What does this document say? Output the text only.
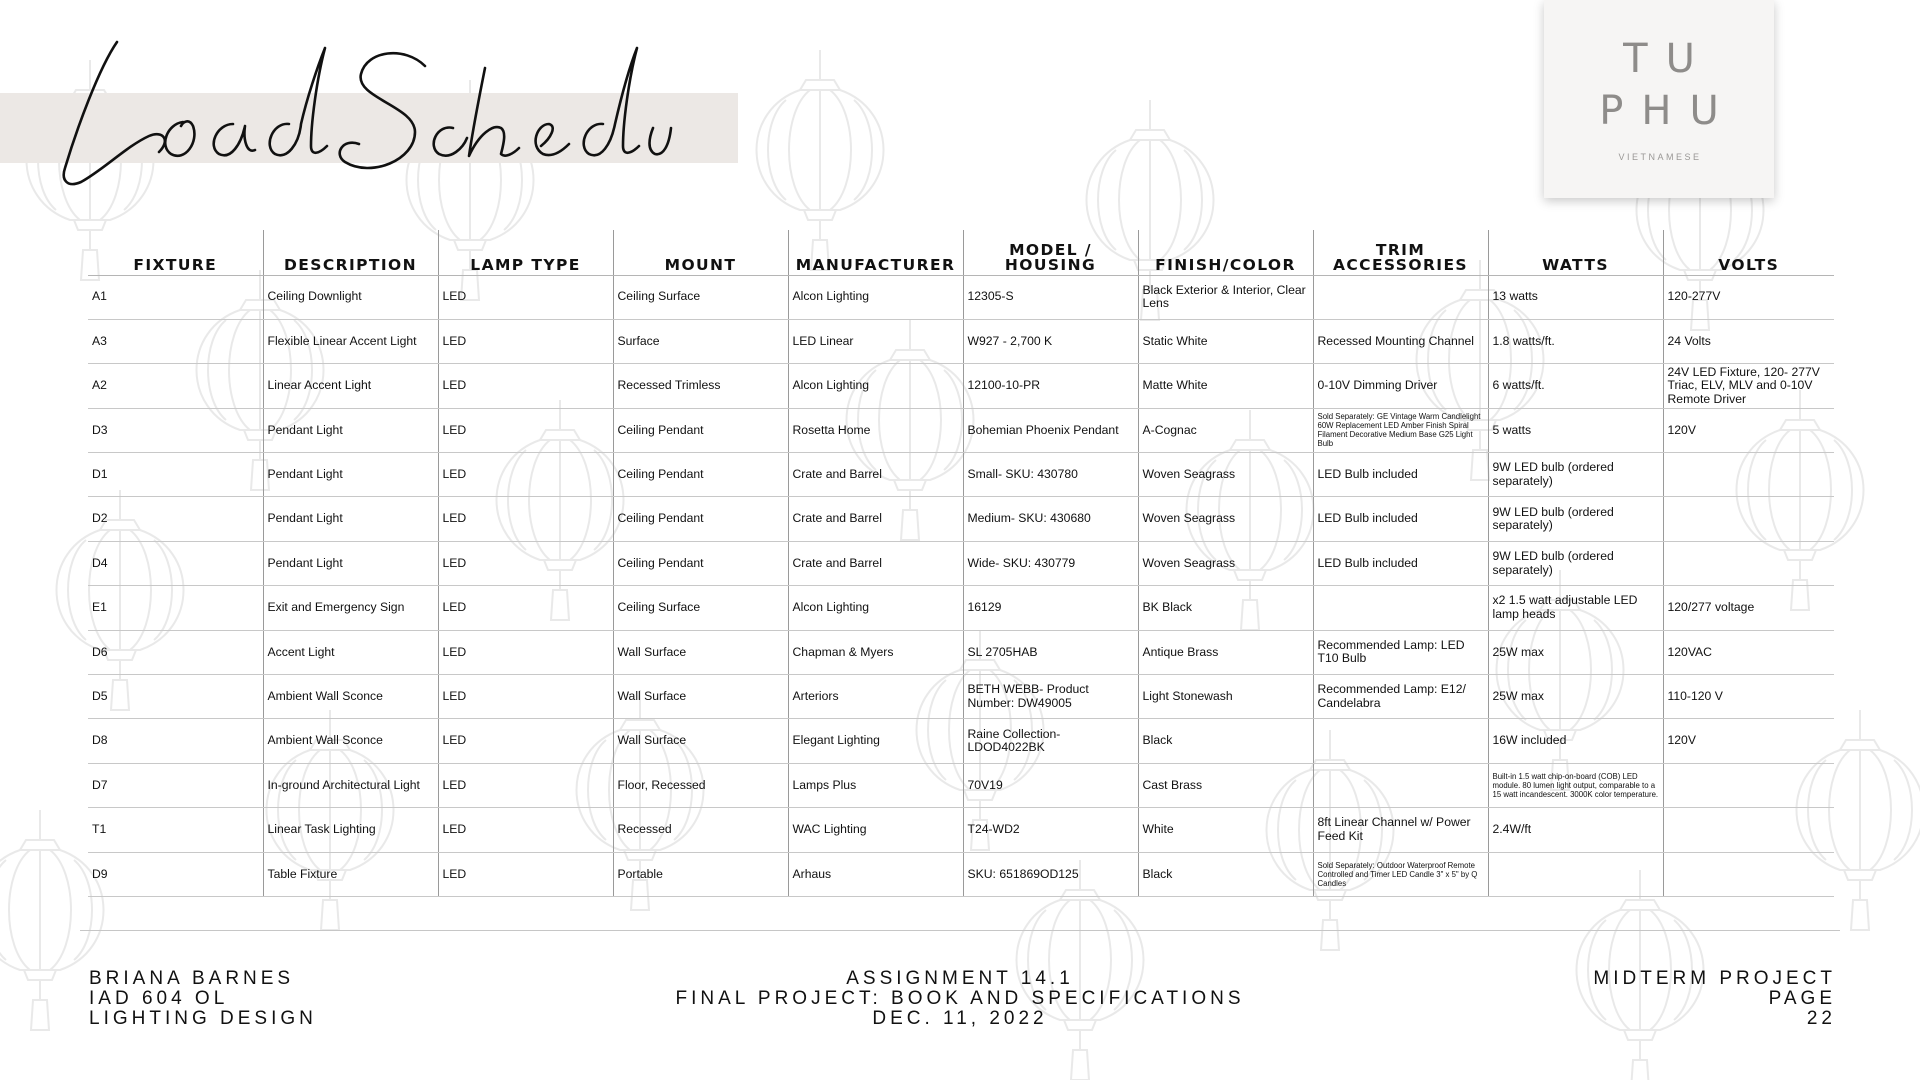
TU
PHU
VIETNAMESE
FIXTURE	DESCRIPTION	LAMP TYPE	MOUNT	MANUFACTURER	MODEL / HOUSING	FINISH/COLOR	TRIM ACCESSORIES	WATTS	VOLTS
A1	Ceiling Downlight	LED	Ceiling Surface	Alcon Lighting	12305-S	Black Exterior & Interior, Clear Lens		13 watts	120-277V
A3	Flexible Linear Accent Light	LED	Surface	LED Linear	W927 - 2,700 K	Static White	Recessed Mounting Channel	1.8 watts/ft.	24 Volts
A2	Linear Accent Light	LED	Recessed Trimless	Alcon Lighting	12100-10-PR	Matte White	0-10V Dimming Driver	6 watts/ft.	24V LED Fixture, 120- 277V Triac, ELV, MLV and 0-10V Remote Driver
D3	Pendant Light	LED	Ceiling Pendant	Rosetta Home	Bohemian Phoenix Pendant	A-Cognac	Sold Separately: GE Vintage Warm Candlelight 60W Replacement LED Amber Finish Spiral Filament Decorative Medium Base G25 Light Bulb	5 watts	120V
D1	Pendant Light	LED	Ceiling Pendant	Crate and Barrel	Small- SKU: 430780	Woven Seagrass	LED Bulb included	9W LED bulb (ordered separately)	
D2	Pendant Light	LED	Ceiling Pendant	Crate and Barrel	Medium- SKU: 430680	Woven Seagrass	LED Bulb included	9W LED bulb (ordered separately)	
D4	Pendant Light	LED	Ceiling Pendant	Crate and Barrel	Wide- SKU: 430779	Woven Seagrass	LED Bulb included	9W LED bulb (ordered separately)	
E1	Exit and Emergency Sign	LED	Ceiling Surface	Alcon Lighting	16129	BK Black		x2 1.5 watt adjustable LED lamp heads	120/277 voltage
D6	Accent Light	LED	Wall Surface	Chapman & Myers	SL 2705HAB	Antique Brass	Recommended Lamp: LED T10 Bulb	25W max	120VAC
D5	Ambient Wall Sconce	LED	Wall Surface	Arteriors	BETH WEBB- Product Number: DW49005	Light Stonewash	Recommended Lamp: E12/ Candelabra	25W max	110-120 V
D8	Ambient Wall Sconce	LED	Wall Surface	Elegant Lighting	Raine Collection- LDOD4022BK	Black		16W included	120V
D7	In-ground Architectural Light	LED	Floor, Recessed	Lamps Plus	70V19	Cast Brass		Built-in 1.5 watt chip-on-board (COB) LED module. 80 lumen light output, comparable to a 15 watt incandescent. 3000K color temperature.	
T1	Linear Task Lighting	LED	Recessed	WAC Lighting	T24-WD2	White	8ft Linear Channel w/ Power Feed Kit	2.4W/ft	
D9	Table Fixture	LED	Portable	Arhaus	SKU: 651869OD125	Black	Sold Separately: Outdoor Waterproof Remote Controlled and Timer LED Candle 3" x 5" by Q Candles		
BRIANA BARNES
IAD 604 OL
LIGHTING DESIGN
ASSIGNMENT 14.1
FINAL PROJECT: BOOK AND SPECIFICATIONS
DEC. 11, 2022
MIDTERM PROJECT
PAGE
22
